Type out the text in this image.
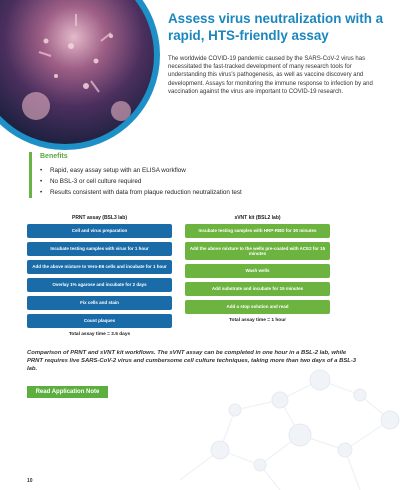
Assess virus neutralization with a rapid, HTS-friendly assay

The worldwide COVID-19 pandemic caused by the SARS-CoV-2 virus has necessitated the fast-tracked development of many research tools for understanding this virus's pathogenesis, as well as vaccine discovery and development. Assays for monitoring the immune response to infection by and vaccination against the virus are important to COVID-19 research.

Benefits
• Rapid, easy assay setup with an ELISA workflow
• No BSL-3 or cell culture required
• Results consistent with data from plaque reduction neutralization test
PRNT assay (BSL3 lab)
Cell and virus preparation
Incubate testing samples with virus for 1 hour
Add the above mixture to Vero-E6 cells and incubate for 1 hour
Overlay 1% agarose and incubate for 2 days
Fix cells and stain
Count plaques
Total assay time = 2.5 days
sVNT kit (BSL2 lab)
Incubate testing samples with HRP-RBD for 30 minutes
Add the above mixture to the wells pre-coated with ACE2 for 15 minutes
Wash wells
Add substrate and incubate for 15 minutes
Add a stop solution and read
Total assay time = 1 hour

Comparison of PRNT and sVNT kit workflows. The sVNT assay can be completed in one hour in a BSL-2 lab, while PRNT requires live SARS-CoV-2 virus and cumbersome cell culture techniques, taking more than two days of a BSL-3 lab.

Read Application Note
10
